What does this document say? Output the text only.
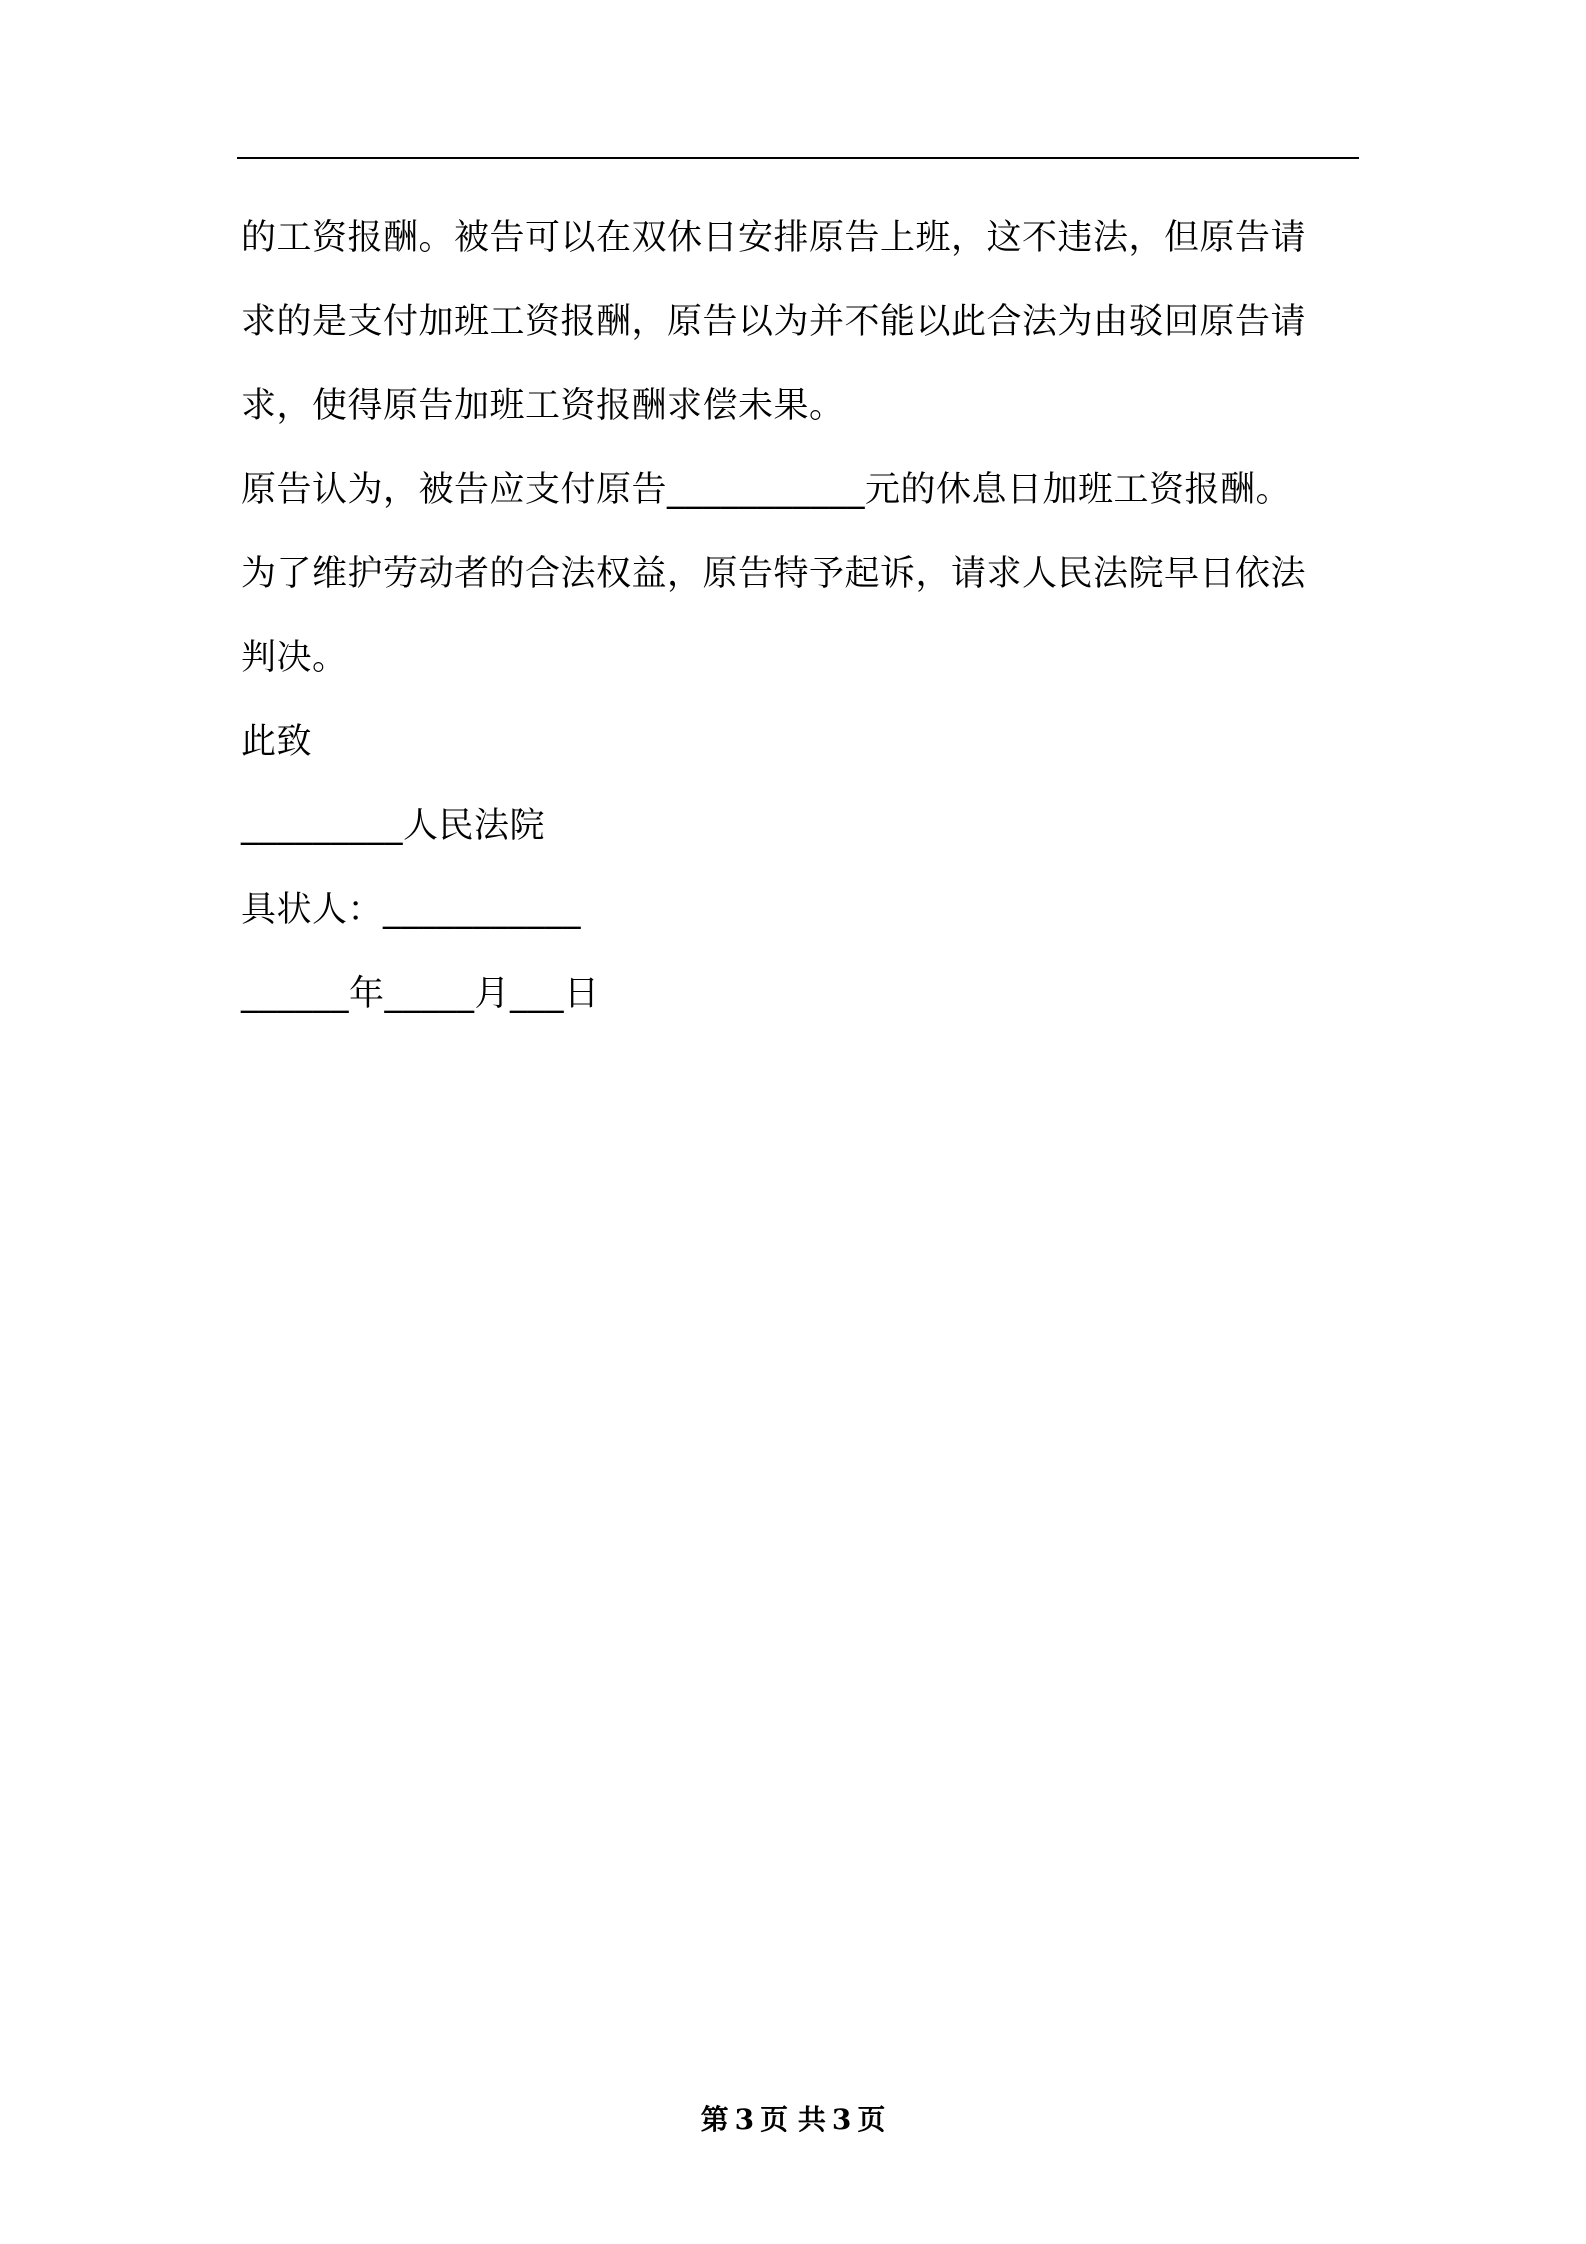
的工资报酬。被告可以在双休日安排原告上班，这不违法，但原告请
求的是支付加班工资报酬，原告以为并不能以此合法为由驳回原告请
求，使得原告加班工资报酬求偿未果。
原告认为，被告应支付原告___________元的休息日加班工资报酬。
为了维护劳动者的合法权益，原告特予起诉，请求人民法院早日依法
判决。
此致
_________人民法院
具状人：___________
______年_____月___日
第 3 页 共 3 页
